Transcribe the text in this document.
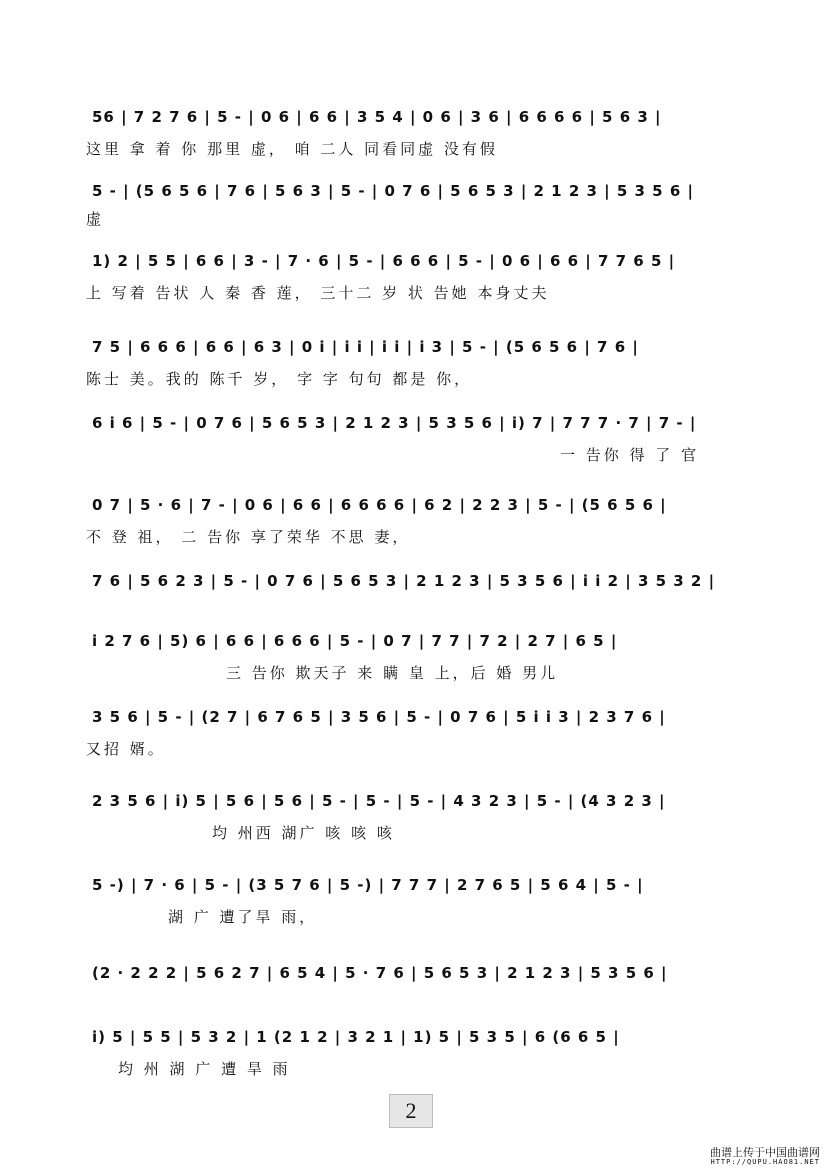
56 | 7 2 7 6 | 5 - | 0 6 | 6 6 | 3 5 4 | 0 6 | 3 6 | 6 6 6 6 | 5 6 3 |
这里 拿 着 你 那里 虚， 咱 二人 同看同虚 没有假
5 - | (5 6 5 6 | 7 6 | 5 6 3 | 5 - | 0 7 6 | 5 6 5 3 | 2 1 2 3 | 5 3 5 6 |
虚
1) 2 | 5 5 | 6 6 | 3 - | 7 · 6 | 5 - | 6 6 6 | 5 - | 0 6 | 6 6 | 7 7 6 5 |
上 写着 告状 人 秦 香 莲， 三十二 岁 状 告她 本身丈夫
7 5 | 6 6 6 | 6 6 | 6 3 | 0 i | i i | i i | i 3 | 5 - | (5 6 5 6 | 7 6 |
陈士 美。我的 陈千 岁， 字 字 句句 都是 你，
6 i 6 | 5 - | 0 7 6 | 5 6 5 3 | 2 1 2 3 | 5 3 5 6 | i) 7 | 7 7 7 · 7 | 7 - |
一 告你 得 了 官
0 7 | 5 · 6 | 7 - | 0 6 | 6 6 | 6 6 6 6 | 6 2 | 2 2 3 | 5 - | (5 6 5 6 |
不 登 祖， 二 告你 享了荣华 不思 妻，
7 6 | 5 6 2 3 | 5 - | 0 7 6 | 5 6 5 3 | 2 1 2 3 | 5 3 5 6 | i i 2 | 3 5 3 2 |
i 2 7 6 | 5) 6 | 6 6 | 6 6 6 | 5 - | 0 7 | 7 7 | 7 2 | 2 7 | 6 5 |
三 告你 欺天子 来 瞒 皇 上，后 婚 男儿
3 5 6 | 5 - | (2 7 | 6 7 6 5 | 3 5 6 | 5 - | 0 7 6 | 5 i i 3 | 2 3 7 6 |
又招 婿。
2 3 5 6 | i) 5 | 5 6 | 5 6 | 5 - | 5 - | 5 - | 4 3 2 3 | 5 - | (4 3 2 3 |
均 州西 湖广 咳 咳 咳
5 -) | 7 · 6 | 5 - | (3 5 7 6 | 5 -) | 7 7 7 | 2 7 6 5 | 5 6 4 | 5 - |
湖 广 遭了旱 雨，
(2 · 2 2 2 | 5 6 2 7 | 6 5 4 | 5 · 7 6 | 5 6 5 3 | 2 1 2 3 | 5 3 5 6 |
i) 5 | 5 5 | 5 3 2 | 1 (2 1 2 | 3 2 1 | 1) 5 | 5 3 5 | 6 (6 6 5 |
均 州 湖 广 遭 旱 雨
2
曲谱上传于中国曲谱网
HTTP://QUPU.HAO81.NET
